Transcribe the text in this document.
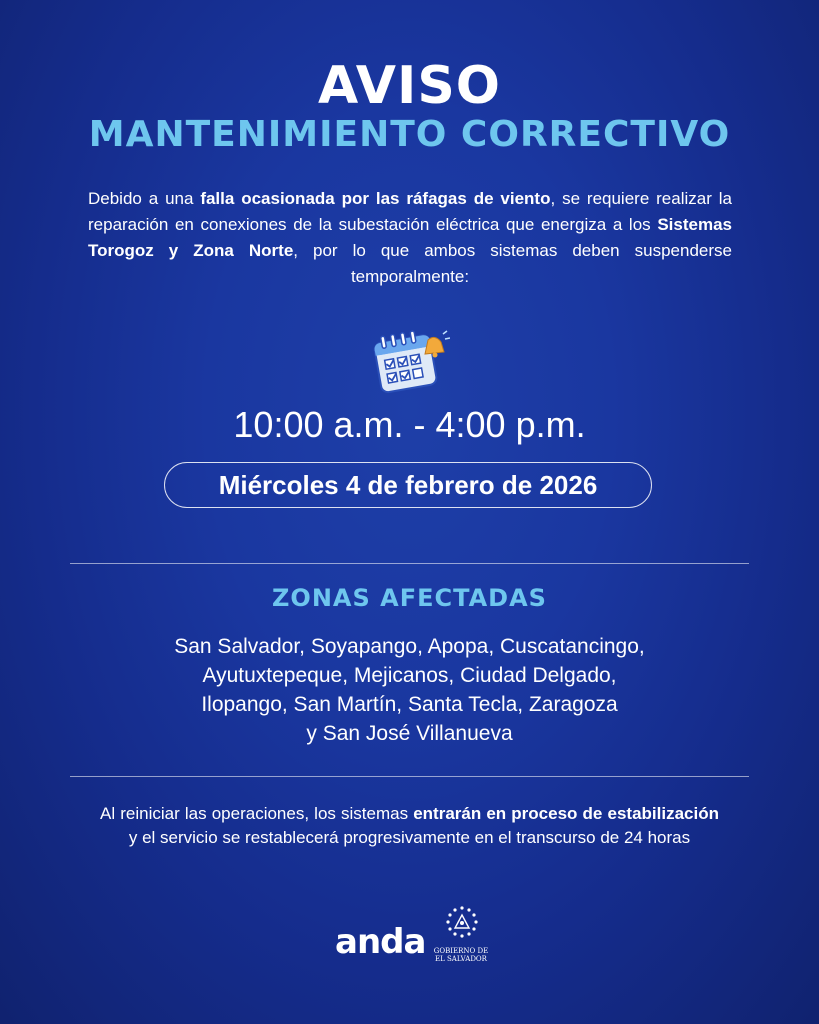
AVISO
MANTENIMIENTO CORRECTIVO
Debido a una falla ocasionada por las ráfagas de viento, se requiere realizar la reparación en conexiones de la subestación eléctrica que energiza a los Sistemas Torogoz y Zona Norte, por lo que ambos sistemas deben suspenderse temporalmente:
10:00 a.m. - 4:00 p.m.
Miércoles 4 de febrero de 2026
ZONAS AFECTADAS
San Salvador, Soyapango, Apopa, Cuscatancingo,
Ayutuxtepeque, Mejicanos, Ciudad Delgado,
Ilopango, San Martín, Santa Tecla, Zaragoza
y San José Villanueva
Al reiniciar las operaciones, los sistemas entrarán en proceso de estabilización y el servicio se restablecerá progresivamente en el transcurso de 24 horas
anda	GOBIERNO DE
EL SALVADOR
